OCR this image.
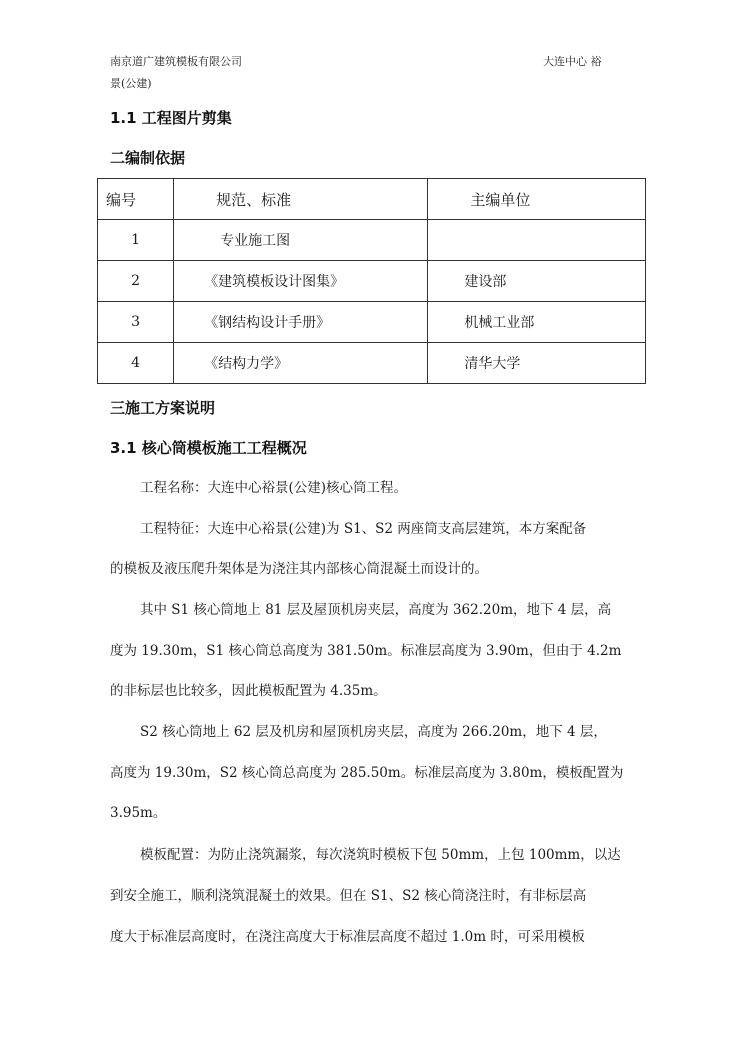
南京道广建筑模板有限公司	大连中心 裕
景(公建)
1.1 工程图片剪集
二编制依据
编号	规范、标准	主编单位
1	专业施工图	
2	《建筑模板设计图集》	建设部
3	《钢结构设计手册》	机械工业部
4	《结构力学》	清华大学
三施工方案说明
3.1 核心筒模板施工工程概况
工程名称：大连中心裕景(公建)核心筒工程。
工程特征：大连中心裕景(公建)为 S1、S2 两座筒支高层建筑，本方案配备
的模板及液压爬升架体是为浇注其内部核心筒混凝土而设计的。
其中 S1 核心筒地上 81 层及屋顶机房夹层，高度为 362.20m，地下 4 层，高
度为 19.30m，S1 核心筒总高度为 381.50m。标准层高度为 3.90m，但由于 4.2m
的非标层也比较多，因此模板配置为 4.35m。
S2 核心筒地上 62 层及机房和屋顶机房夹层，高度为 266.20m，地下 4 层，
高度为 19.30m，S2 核心筒总高度为 285.50m。标准层高度为 3.80m，模板配置为
3.95m。
模板配置：为防止浇筑漏浆，每次浇筑时模板下包 50mm，上包 100mm，以达
到安全施工，顺利浇筑混凝土的效果。但在 S1、S2 核心筒浇注时，有非标层高
度大于标准层高度时，在浇注高度大于标准层高度不超过 1.0m 时，可采用模板
